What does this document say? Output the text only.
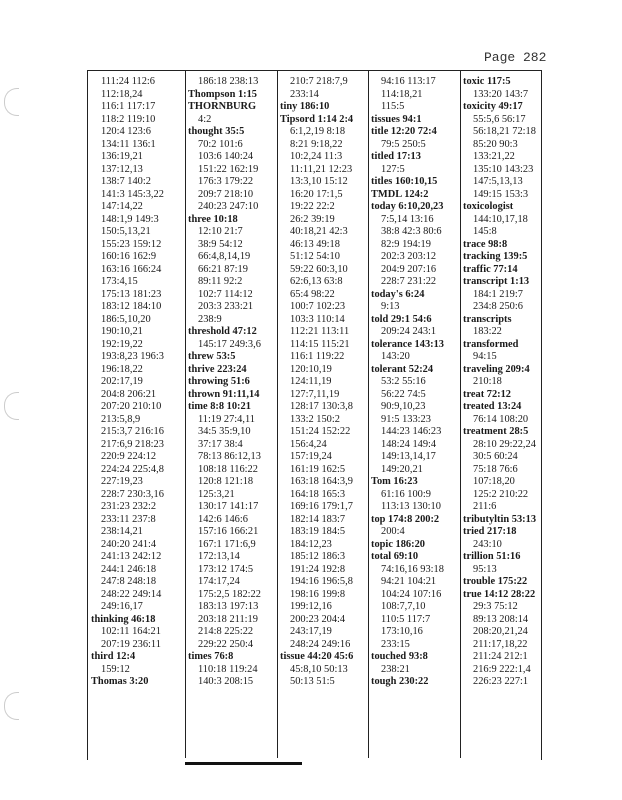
Page 282
111:24 112:6
112:18,24
116:1 117:17
118:2 119:10
120:4 123:6
134:11 136:1
136:19,21
137:12,13
138:7 140:2
141:3 145:3,22
147:14,22
148:1,9 149:3
150:5,13,21
155:23 159:12
160:16 162:9
163:16 166:24
173:4,15
175:13 181:23
183:12 184:10
186:5,10,20
190:10,21
192:19,22
193:8,23 196:3
196:18,22
202:17,19
204:8 206:21
207:20 210:10
213:5,8,9
215:3,7 216:16
217:6,9 218:23
220:9 224:12
224:24 225:4,8
227:19,23
228:7 230:3,16
231:23 232:2
233:11 237:8
238:14,21
240:20 241:4
241:13 242:12
244:1 246:18
247:8 248:18
248:22 249:14
249:16,17
thinking 46:18
102:11 164:21
207:19 236:11
third 12:4
159:12
Thomas 3:20
186:18 238:13
Thompson 1:15
THORNBURG
4:2
thought 35:5
70:2 101:6
103:6 140:24
151:22 162:19
176:3 179:22
209:7 218:10
240:23 247:10
three 10:18
12:10 21:7
38:9 54:12
66:4,8,14,19
66:21 87:19
89:11 92:2
102:7 114:12
203:3 233:21
238:9
threshold 47:12
145:17 249:3,6
threw 53:5
thrive 223:24
throwing 51:6
thrown 91:11,14
time 8:8 10:21
11:19 27:4,11
34:5 35:9,10
37:17 38:4
78:13 86:12,13
108:18 116:22
120:8 121:18
125:3,21
130:17 141:17
142:6 146:6
157:16 166:21
167:1 171:6,9
172:13,14
173:12 174:5
174:17,24
175:2,5 182:22
183:13 197:13
203:18 211:19
214:8 225:22
229:22 250:4
times 76:8
110:18 119:24
140:3 208:15
210:7 218:7,9
233:14
tiny 186:10
Tipsord 1:14 2:4
6:1,2,19 8:18
8:21 9:18,22
10:2,24 11:3
11:11,21 12:23
13:3,10 15:12
16:20 17:1,5
19:22 22:2
26:2 39:19
40:18,21 42:3
46:13 49:18
51:12 54:10
59:22 60:3,10
62:6,13 63:8
65:4 98:22
100:7 102:23
103:3 110:14
112:21 113:11
114:15 115:21
116:1 119:22
120:10,19
124:11,19
127:7,11,19
128:17 130:3,8
133:2 150:2
151:24 152:22
156:4,24
157:19,24
161:19 162:5
163:18 164:3,9
164:18 165:3
169:16 179:1,7
182:14 183:7
183:19 184:5
184:12,23
185:12 186:3
191:24 192:8
194:16 196:5,8
198:16 199:8
199:12,16
200:23 204:4
243:17,19
248:24 249:16
tissue 44:20 45:6
45:8,10 50:13
50:13 51:5
94:16 113:17
114:18,21
115:5
tissues 94:1
title 12:20 72:4
79:5 250:5
titled 17:13
127:5
titles 160:10,15
TMDL 124:2
today 6:10,20,23
7:5,14 13:16
38:8 42:3 80:6
82:9 194:19
202:3 203:12
204:9 207:16
228:7 231:22
today's 6:24
9:13
told 29:1 54:6
209:24 243:1
tolerance 143:13
143:20
tolerant 52:24
53:2 55:16
56:22 74:5
90:9,10,23
91:5 133:23
144:23 146:23
148:24 149:4
149:13,14,17
149:20,21
Tom 16:23
61:16 100:9
113:13 130:10
top 174:8 200:2
200:4
topic 186:20
total 69:10
74:16,16 93:18
94:21 104:21
104:24 107:16
108:7,7,10
110:5 117:7
173:10,16
233:15
touched 93:8
238:21
tough 230:22
toxic 117:5
133:20 143:7
toxicity 49:17
55:5,6 56:17
56:18,21 72:18
85:20 90:3
133:21,22
135:10 143:23
147:5,13,13
149:15 153:3
toxicologist
144:10,17,18
145:8
trace 98:8
tracking 139:5
traffic 77:14
transcript 1:13
184:1 219:7
234:8 250:6
transcripts
183:22
transformed
94:15
traveling 209:4
210:18
treat 72:12
treated 13:24
76:14 108:20
treatment 28:5
28:10 29:22,24
30:5 60:24
75:18 76:6
107:18,20
125:2 210:22
211:6
tributyltin 53:13
tried 217:18
243:10
trillion 51:16
95:13
trouble 175:22
true 14:12 28:22
29:3 75:12
89:13 208:14
208:20,21,24
211:17,18,22
211:24 212:1
216:9 222:1,4
226:23 227:1
